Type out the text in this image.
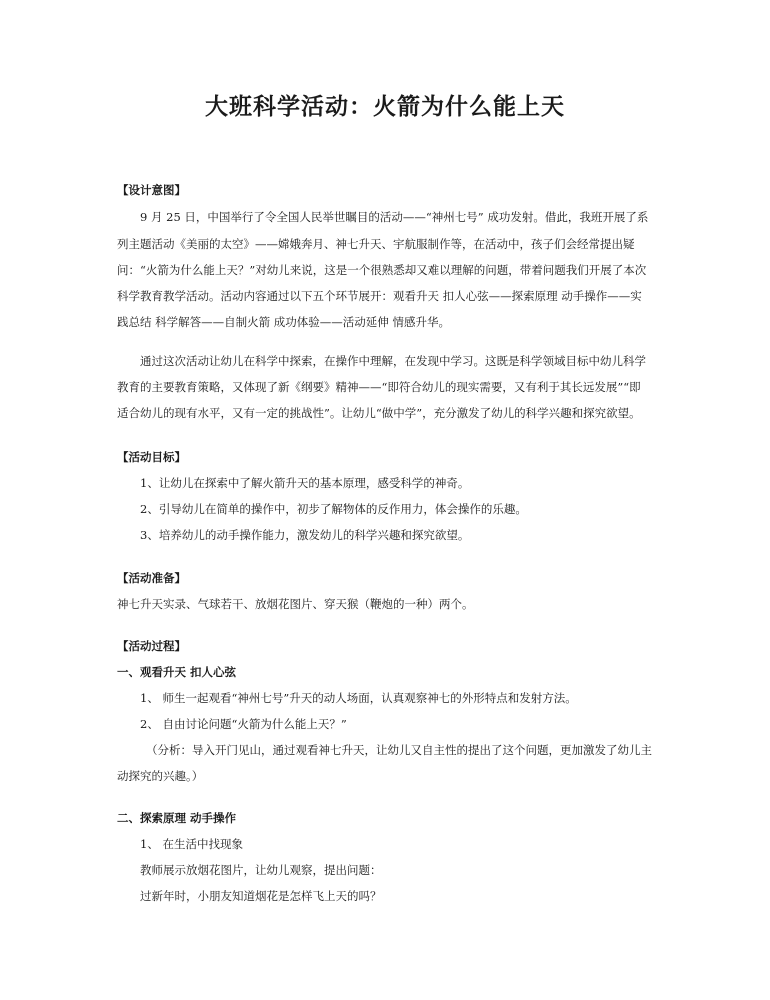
大班科学活动：火箭为什么能上天
【设计意图】
9 月 25 日，中国举行了令全国人民举世瞩目的活动——“神州七号” 成功发射。借此，我班开展了系
列主题活动《美丽的太空》——嫦娥奔月、神七升天、宇航服制作等，在活动中，孩子们会经常提出疑
问：“火箭为什么能上天？”对幼儿来说，这是一个很熟悉却又难以理解的问题，带着问题我们开展了本次
科学教育教学活动。活动内容通过以下五个环节展开：观看升天 扣人心弦——探索原理 动手操作——实
践总结 科学解答——自制火箭 成功体验——活动延伸 情感升华。
通过这次活动让幼儿在科学中探索，在操作中理解，在发现中学习。这既是科学领域目标中幼儿科学
教育的主要教育策略，又体现了新《纲要》精神——“即符合幼儿的现实需要，又有利于其长远发展”“即
适合幼儿的现有水平，又有一定的挑战性”。让幼儿“做中学”，充分激发了幼儿的科学兴趣和探究欲望。
【活动目标】
1、让幼儿在探索中了解火箭升天的基本原理，感受科学的神奇。
2、引导幼儿在简单的操作中，初步了解物体的反作用力，体会操作的乐趣。
3、培养幼儿的动手操作能力，激发幼儿的科学兴趣和探究欲望。
【活动准备】
神七升天实录、气球若干、放烟花图片、穿天猴（鞭炮的一种）两个。
【活动过程】
一、观看升天 扣人心弦
1、 师生一起观看“神州七号”升天的动人场面，认真观察神七的外形特点和发射方法。
2、 自由讨论问题“火箭为什么能上天？”
（分析：导入开门见山，通过观看神七升天，让幼儿又自主性的提出了这个问题，更加激发了幼儿主
动探究的兴趣。）
二、探索原理 动手操作
1、 在生活中找现象
教师展示放烟花图片，让幼儿观察，提出问题：
过新年时，小朋友知道烟花是怎样飞上天的吗？
